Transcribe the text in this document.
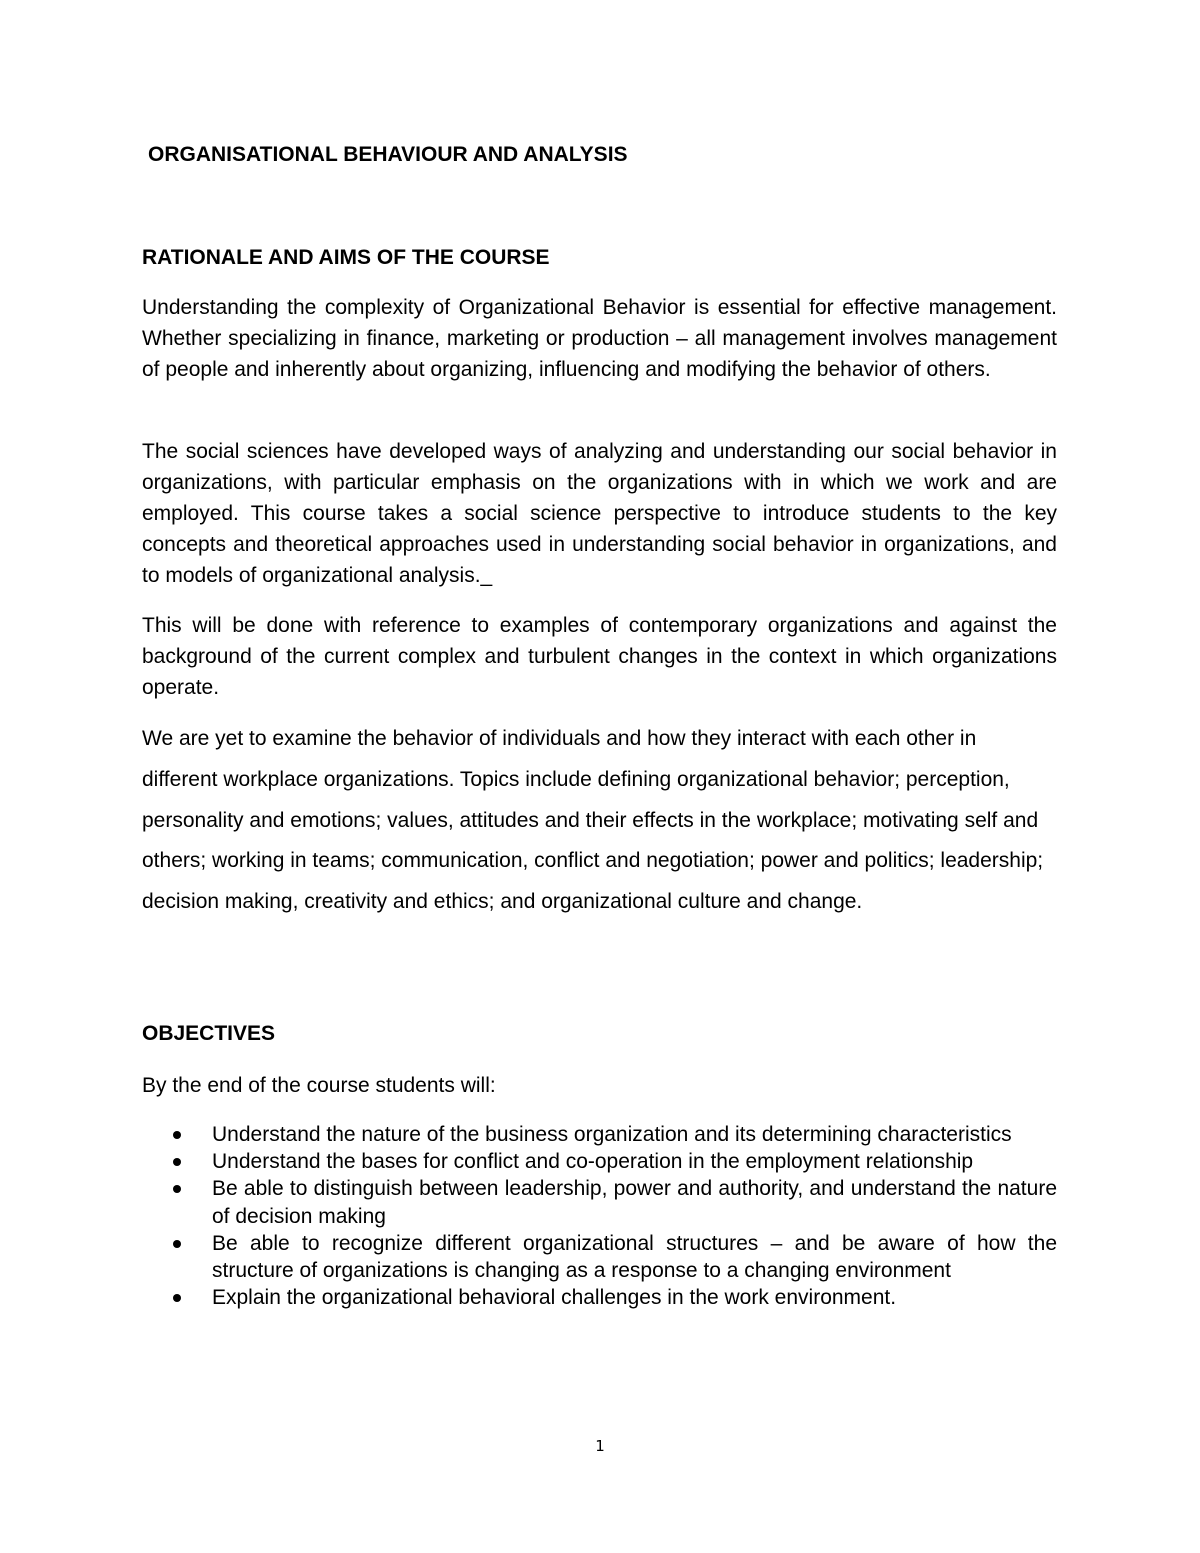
ORGANISATIONAL BEHAVIOUR AND ANALYSIS
RATIONALE AND AIMS OF THE COURSE

Understanding the complexity of Organizational Behavior is essential for effective management. Whether specializing in finance, marketing or production – all management involves management of people and inherently about organizing, influencing and modifying the behavior of others.

The social sciences have developed ways of analyzing and understanding our social behavior in organizations, with particular emphasis on the organizations with in which we work and are employed. This course takes a social science perspective to introduce students to the key concepts and theoretical approaches used in understanding social behavior in organizations, and to models of organizational analysis._

This will be done with reference to examples of contemporary organizations and against the background of the current complex and turbulent changes in the context in which organizations operate.

We are yet to examine the behavior of individuals and how they interact with each other in different workplace organizations. Topics include defining organizational behavior; perception, personality and emotions; values, attitudes and their effects in the workplace; motivating self and others; working in teams; communication, conflict and negotiation; power and politics; leadership; decision making, creativity and ethics; and organizational culture and change.

OBJECTIVES

By the end of the course students will:

Understand the nature of the business organization and its determining characteristics
Understand the bases for conflict and co-operation in the employment relationship
Be able to distinguish between leadership, power and authority, and understand the nature of decision making
Be able to recognize different organizational structures – and be aware of how the structure of organizations is changing as a response to a changing environment
Explain the organizational behavioral challenges in the work environment.

1
